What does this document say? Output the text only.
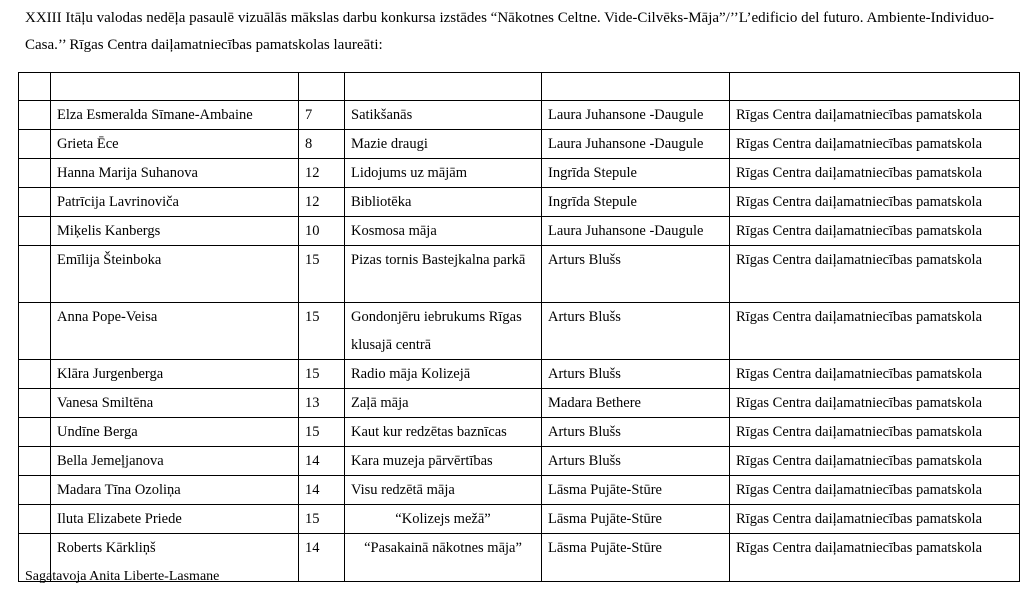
XXIII Itāļu valodas nedēļa pasaulē vizuālās mākslas darbu konkursa izstādes “Nākotnes Celtne. Vide-Cilvēks-Māja”/’’L’edificio del futuro. Ambiente-Individuo-Casa.’’ Rīgas Centra daiļamatniecības pamatskolas laureāti:

	Elza Esmeralda Sīmane-Ambaine	7	Satikšanās	Laura Juhansone -Daugule	Rīgas Centra daiļamatniecības pamatskola
	Grieta Ēce	8	Mazie draugi	Laura Juhansone -Daugule	Rīgas Centra daiļamatniecības pamatskola
	Hanna Marija Suhanova	12	Lidojums uz mājām	Ingrīda Stepule	Rīgas Centra daiļamatniecības pamatskola
	Patrīcija Lavrinoviča	12	Bibliotēka	Ingrīda Stepule	Rīgas Centra daiļamatniecības pamatskola
	Miķelis Kanbergs	10	Kosmosa māja	Laura Juhansone -Daugule	Rīgas Centra daiļamatniecības pamatskola
	Emīlija Šteinboka	15	Pizas tornis Bastejkalna parkā	Arturs Blušs	Rīgas Centra daiļamatniecības pamatskola
	Anna Pope-Veisa	15	Gondonjēru iebrukums Rīgas klusajā centrā	Arturs Blušs	Rīgas Centra daiļamatniecības pamatskola
	Klāra Jurgenberga	15	Radio māja Kolizejā	Arturs Blušs	Rīgas Centra daiļamatniecības pamatskola
	Vanesa Smiltēna	13	Zaļā māja	Madara Bethere	Rīgas Centra daiļamatniecības pamatskola
	Undīne Berga	15	Kaut kur redzētas baznīcas	Arturs Blušs	Rīgas Centra daiļamatniecības pamatskola
	Bella Jemeļjanova	14	Kara muzeja pārvērtības	Arturs Blušs	Rīgas Centra daiļamatniecības pamatskola
	Madara Tīna Ozoliņa	14	Visu redzētā māja	Lāsma Pujāte-Stūre	Rīgas Centra daiļamatniecības pamatskola
	Iluta Elizabete Priede	15	“Kolizejs mežā”	Lāsma Pujāte-Stūre	Rīgas Centra daiļamatniecības pamatskola
	Roberts Kārkliņš	14	“Pasakainā nākotnes māja”	Lāsma Pujāte-Stūre	Rīgas Centra daiļamatniecības pamatskola

Sagatavoja Anita Liberte-Lasmane
